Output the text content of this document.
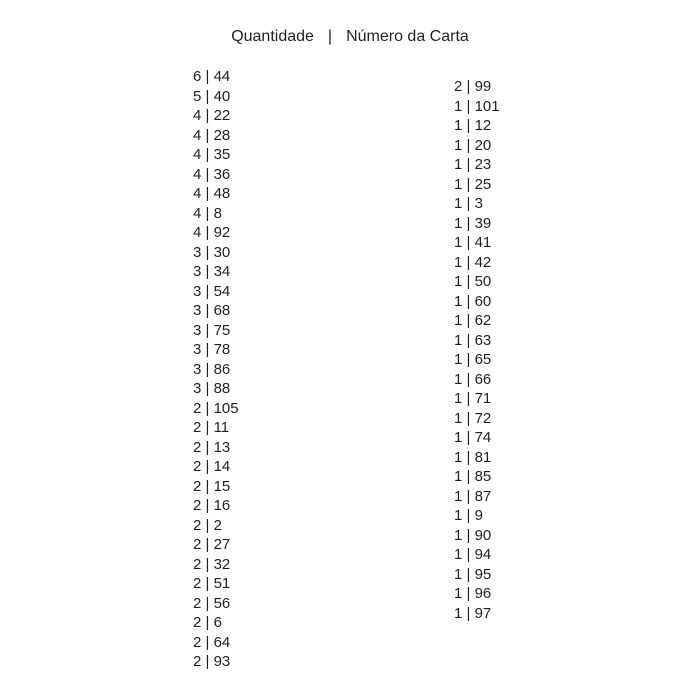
Quantidade | Número da Carta
6 | 44
5 | 40
4 | 22
4 | 28
4 | 35
4 | 36
4 | 48
4 | 8
4 | 92
3 | 30
3 | 34
3 | 54
3 | 68
3 | 75
3 | 78
3 | 86
3 | 88
2 | 105
2 | 11
2 | 13
2 | 14
2 | 15
2 | 16
2 | 2
2 | 27
2 | 32
2 | 51
2 | 56
2 | 6
2 | 64
2 | 93
2 | 99
1 | 101
1 | 12
1 | 20
1 | 23
1 | 25
1 | 3
1 | 39
1 | 41
1 | 42
1 | 50
1 | 60
1 | 62
1 | 63
1 | 65
1 | 66
1 | 71
1 | 72
1 | 74
1 | 81
1 | 85
1 | 87
1 | 9
1 | 90
1 | 94
1 | 95
1 | 96
1 | 97
